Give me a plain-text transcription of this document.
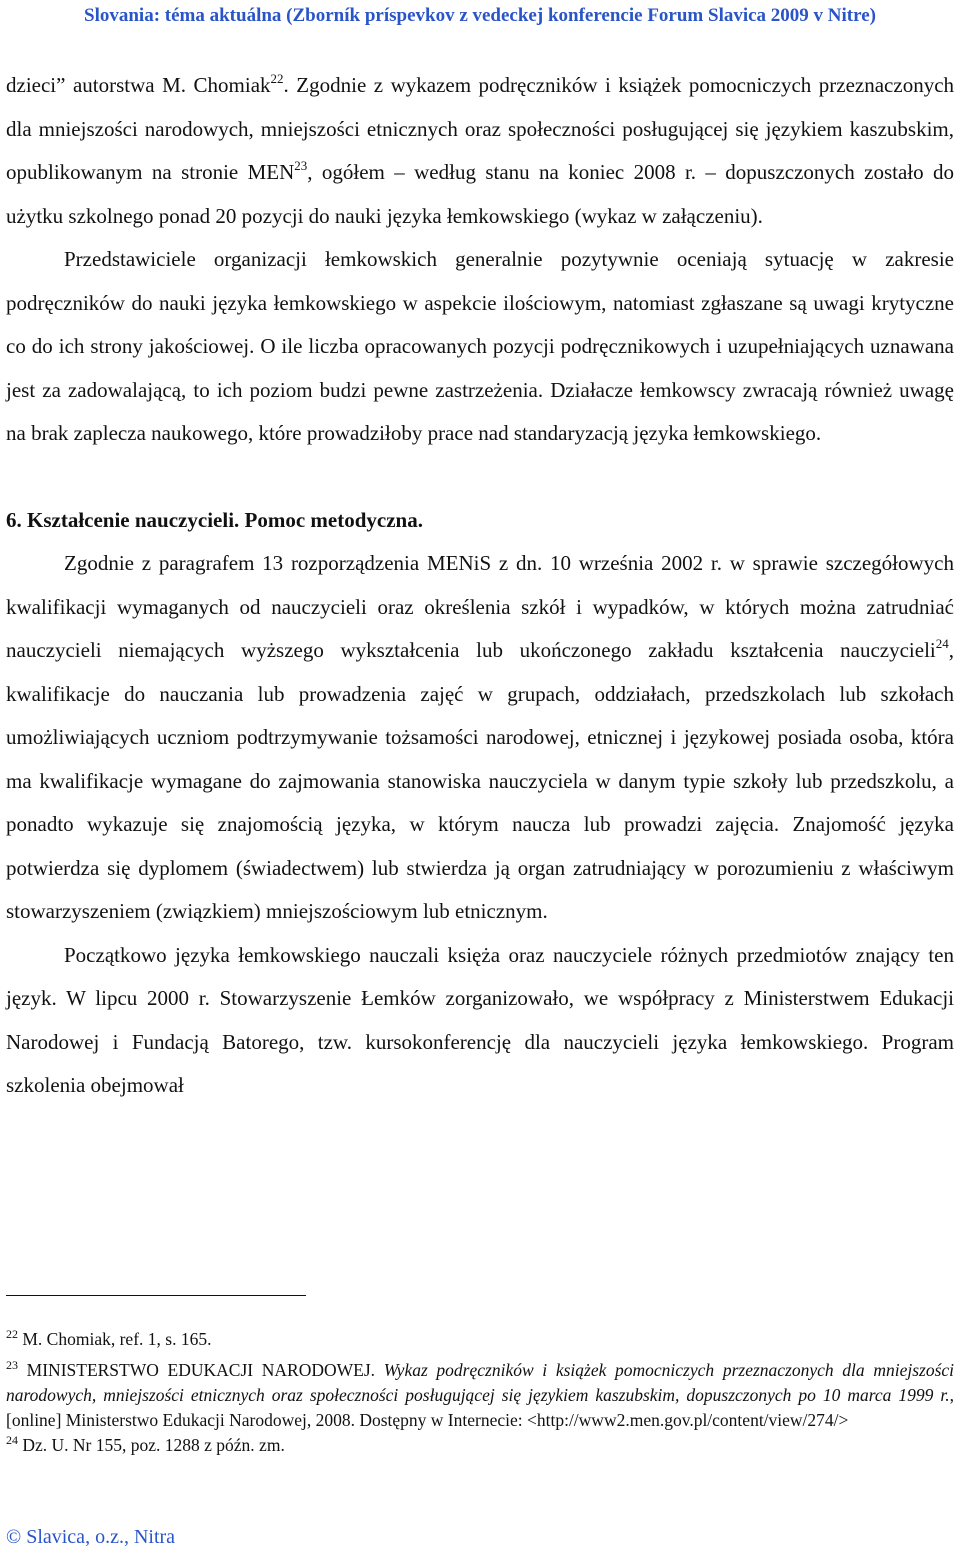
Slovania: téma aktuálna (Zborník príspevkov z vedeckej konferencie Forum Slavica 2009 v Nitre)

dzieci” autorstwa M. Chomiak$^{22}$. Zgodnie z wykazem podręczników i książek pomocniczych przeznaczonych dla mniejszości narodowych, mniejszości etnicznych oraz społeczności posługującej się językiem kaszubskim, opublikowanym na stronie MEN$^{23}$, ogółem – według stanu na koniec 2008 r. – dopuszczonych zostało do użytku szkolnego ponad 20 pozycji do nauki języka łemkowskiego (wykaz w załączeniu).

Przedstawiciele organizacji łemkowskich generalnie pozytywnie oceniają sytuację w zakresie podręczników do nauki języka łemkowskiego w aspekcie ilościowym, natomiast zgłaszane są uwagi krytyczne co do ich strony jakościowej. O ile liczba opracowanych pozycji podręcznikowych i uzupełniających uznawana jest za zadowalającą, to ich poziom budzi pewne zastrzeżenia. Działacze łemkowscy zwracają również uwagę na brak zaplecza naukowego, które prowadziłoby prace nad standaryzacją języka łemkowskiego.

6. Kształcenie nauczycieli. Pomoc metodyczna.

Zgodnie z paragrafem 13 rozporządzenia MENiS z dn. 10 września 2002 r. w sprawie szczegółowych kwalifikacji wymaganych od nauczycieli oraz określenia szkół i wypadków, w których można zatrudniać nauczycieli niemających wyższego wykształcenia lub ukończonego zakładu kształcenia nauczycieli$^{24}$, kwalifikacje do nauczania lub prowadzenia zajęć w grupach, oddziałach, przedszkolach lub szkołach umożliwiających uczniom podtrzymywanie tożsamości narodowej, etnicznej i językowej posiada osoba, która ma kwalifikacje wymagane do zajmowania stanowiska nauczyciela w danym typie szkoły lub przedszkolu, a ponadto wykazuje się znajomością języka, w którym naucza lub prowadzi zajęcia. Znajomość języka potwierdza się dyplomem (świadectwem) lub stwierdza ją organ zatrudniający w porozumieniu z właściwym stowarzyszeniem (związkiem) mniejszościowym lub etnicznym.

Początkowo języka łemkowskiego nauczali księża oraz nauczyciele różnych przedmiotów znający ten język. W lipcu 2000 r. Stowarzyszenie Łemków zorganizowało, we współpracy z Ministerstwem Edukacji Narodowej i Fundacją Batorego, tzw. kursokonferencję dla nauczycieli języka łemkowskiego. Program szkolenia obejmował

$^{22}$ M. Chomiak, ref. 1, s. 165.

$^{23}$ MINISTERSTWO EDUKACJI NARODOWEJ. Wykaz podręczników i książek pomocniczych przeznaczonych dla mniejszości narodowych, mniejszości etnicznych oraz społeczności posługującej się językiem kaszubskim, dopuszczonych po 10 marca 1999 r., [online] Ministerstwo Edukacji Narodowej, 2008. Dostępny w Internecie: <http://www2.men.gov.pl/content/view/274/>

$^{24}$ Dz. U. Nr 155, poz. 1288 z późn. zm.

© Slavica, o.z., Nitra
